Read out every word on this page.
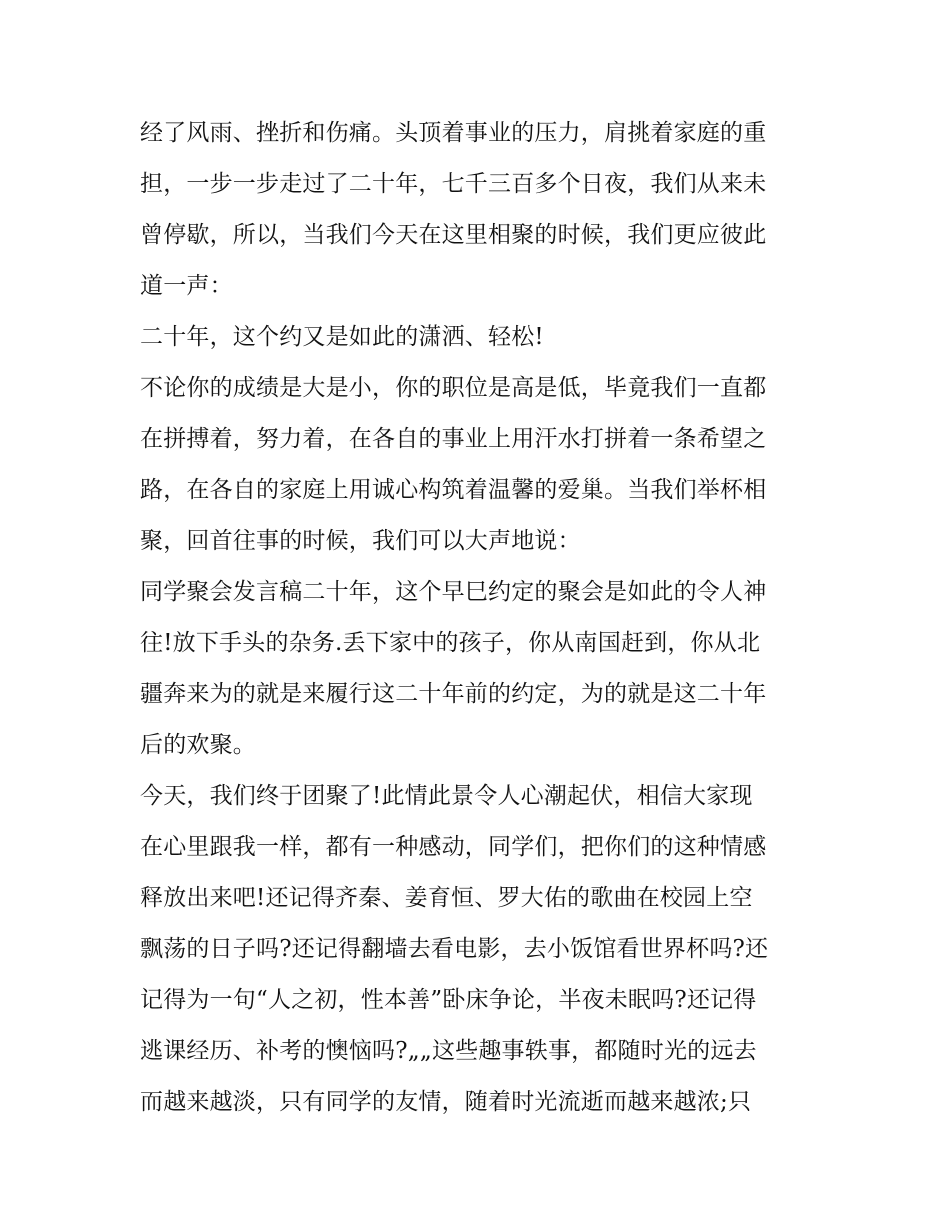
经了风雨、挫折和伤痛。头顶着事业的压力，肩挑着家庭的重
担，一步一步走过了二十年，七千三百多个日夜，我们从来未
曾停歇，所以，当我们今天在这里相聚的时候，我们更应彼此
道一声：
二十年，这个约又是如此的潇洒、轻松!
不论你的成绩是大是小，你的职位是高是低，毕竟我们一直都
在拼搏着，努力着，在各自的事业上用汗水打拼着一条希望之
路，在各自的家庭上用诚心构筑着温馨的爱巢。当我们举杯相
聚，回首往事的时候，我们可以大声地说：
同学聚会发言稿二十年，这个早巳约定的聚会是如此的令人神
往!放下手头的杂务.丢下家中的孩子，你从南国赶到，你从北
疆奔来为的就是来履行这二十年前的约定，为的就是这二十年
后的欢聚。
今天，我们终于团聚了!此情此景令人心潮起伏，相信大家现
在心里跟我一样，都有一种感动，同学们，把你们的这种情感
释放出来吧!还记得齐秦、姜育恒、罗大佑的歌曲在校园上空
飘荡的日子吗?还记得翻墙去看电影，去小饭馆看世界杯吗?还
记得为一句“人之初，性本善”卧床争论，半夜未眠吗?还记得
逃课经历、补考的懊恼吗?„„这些趣事轶事，都随时光的远去
而越来越淡，只有同学的友情，随着时光流逝而越来越浓;只
